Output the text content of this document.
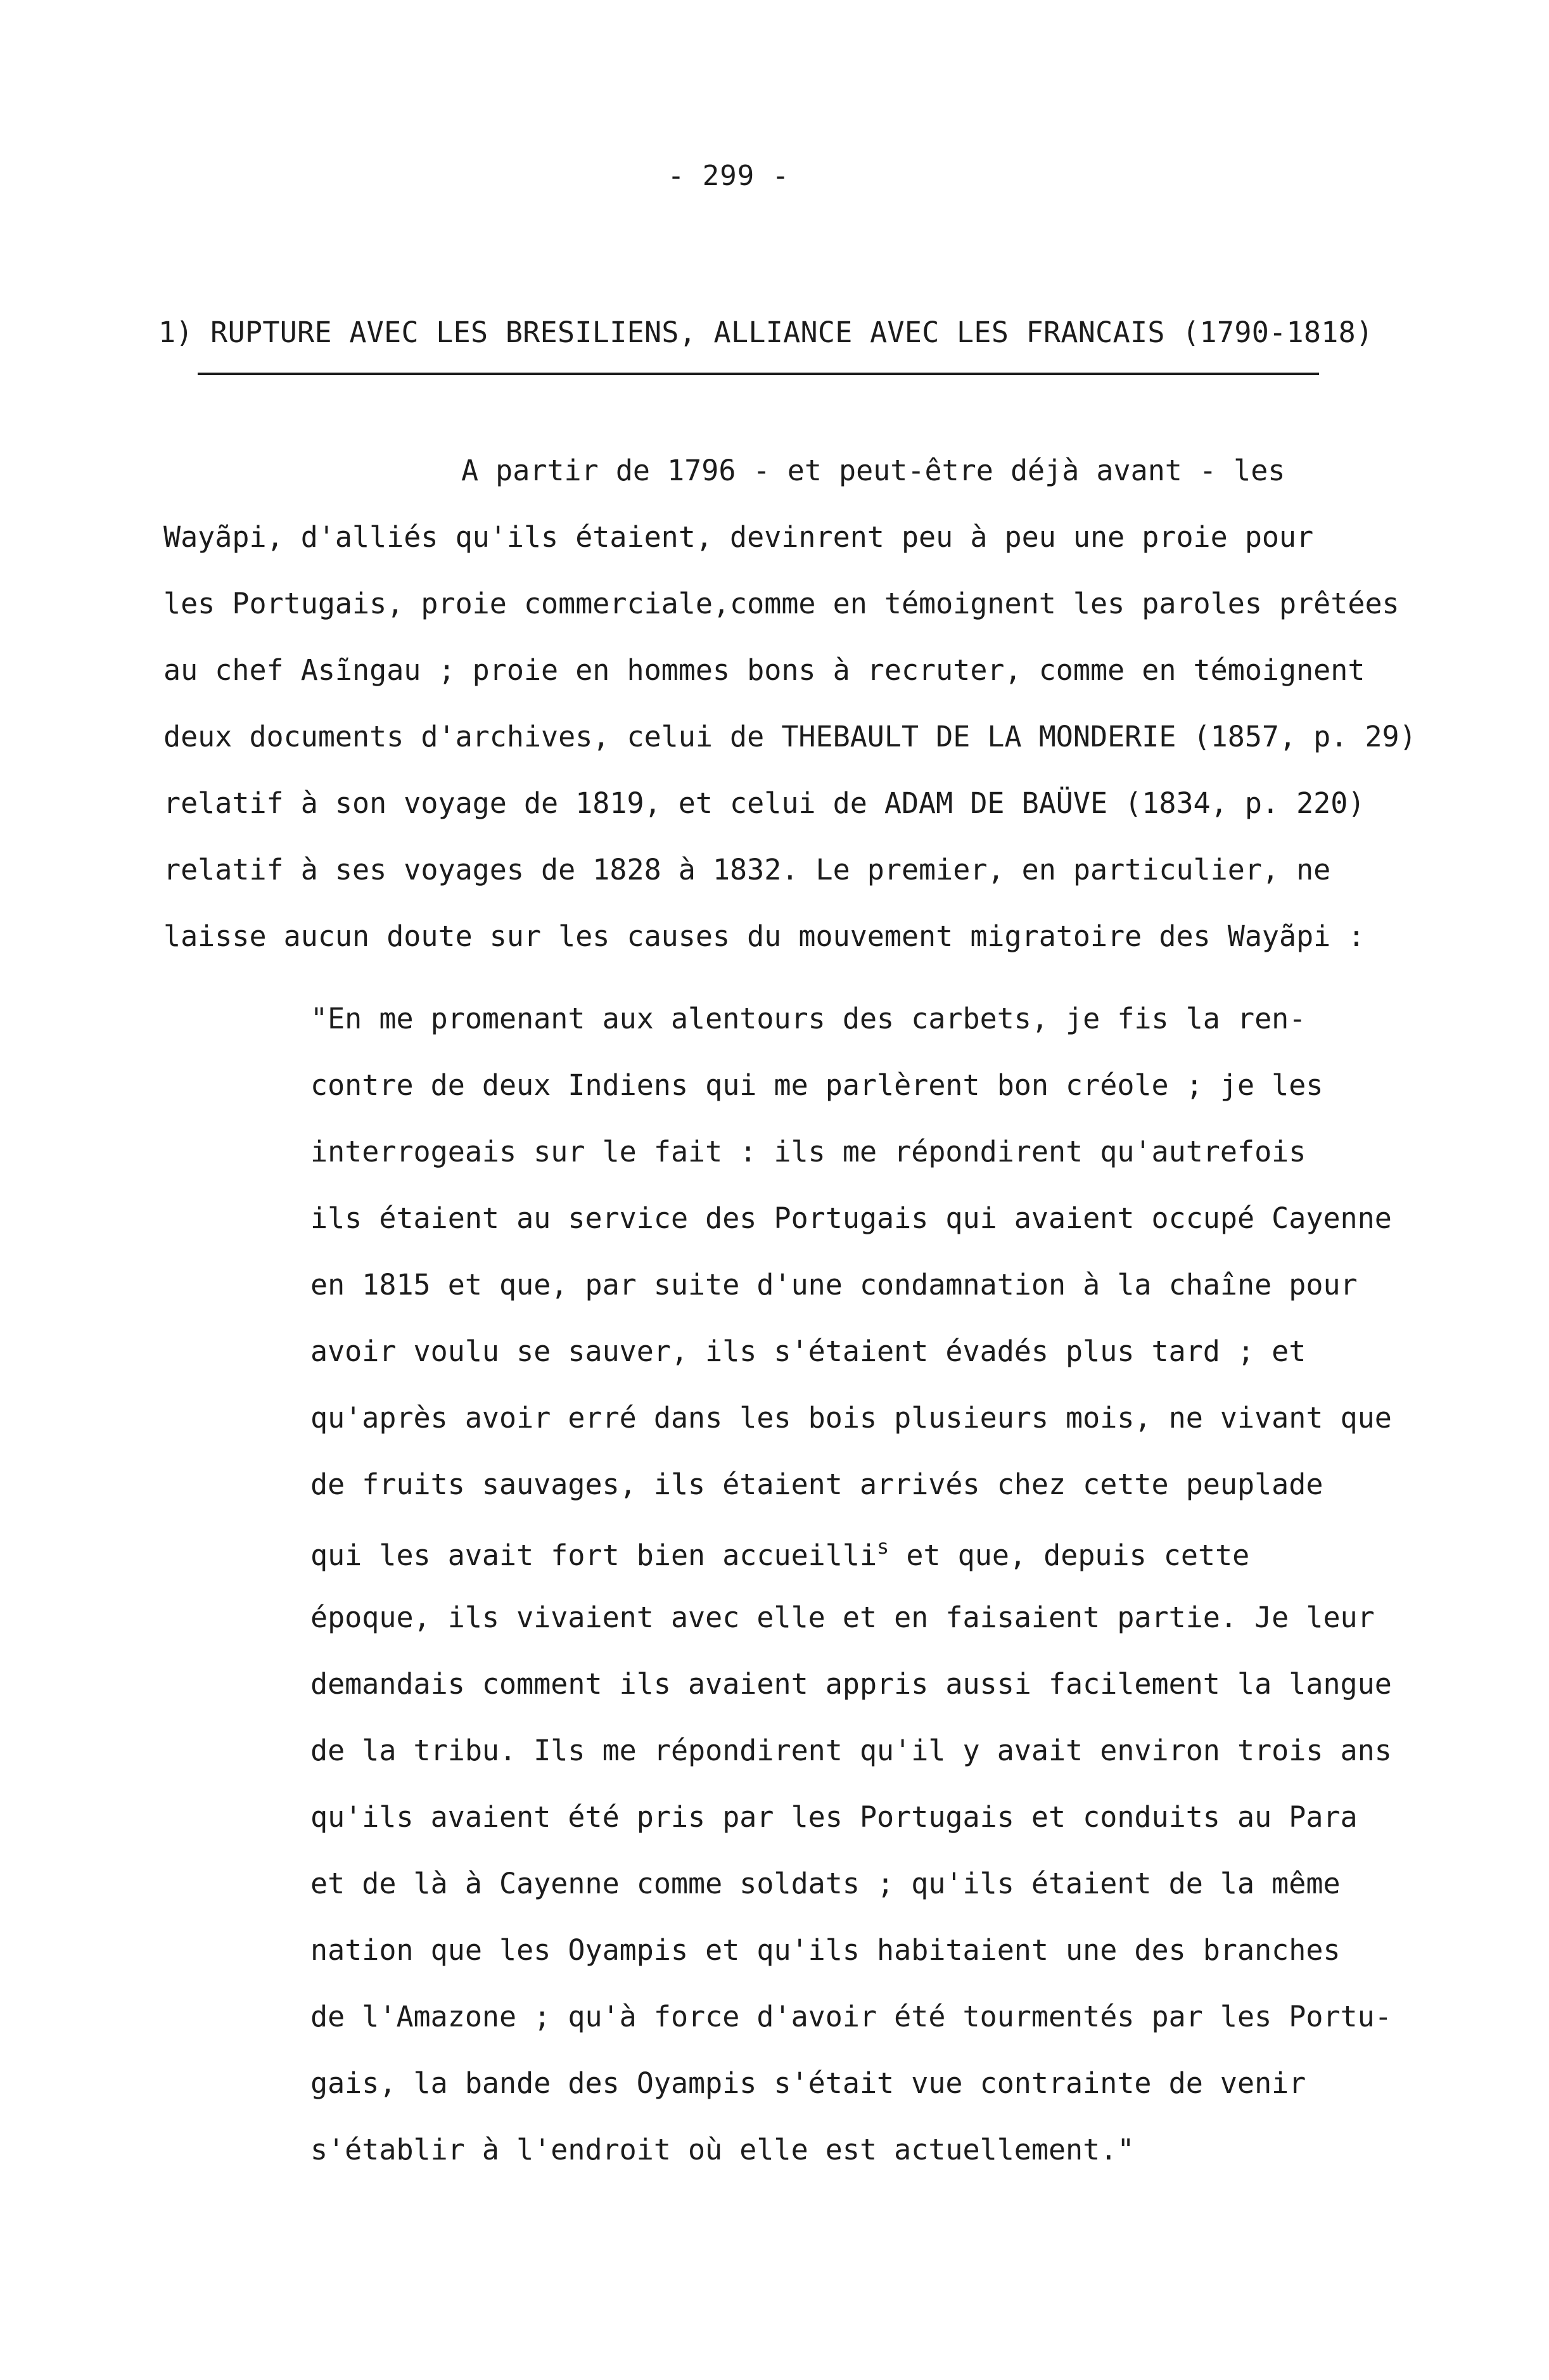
- 299 -
1) RUPTURE AVEC LES BRESILIENS, ALLIANCE AVEC LES FRANCAIS (1790-1818)
A partir de 1796 - et peut-être déjà avant - les
Wayãpi, d'alliés qu'ils étaient, devinrent peu à peu une proie pour
les Portugais, proie commerciale,comme en témoignent les paroles prêtées
au chef Asĩngau ; proie en hommes bons à recruter, comme en témoignent
deux documents d'archives, celui de THEBAULT DE LA MONDERIE (1857, p. 29)
relatif à son voyage de 1819, et celui de ADAM DE BAÜVE (1834, p. 220)
relatif à ses voyages de 1828 à 1832. Le premier, en particulier, ne
laisse aucun doute sur les causes du mouvement migratoire des Wayãpi :
"En me promenant aux alentours des carbets, je fis la ren-
contre de deux Indiens qui me parlèrent bon créole ; je les
interrogeais sur le fait : ils me répondirent qu'autrefois
ils étaient au service des Portugais qui avaient occupé Cayenne
en 1815 et que, par suite d'une condamnation à la chaîne pour
avoir voulu se sauver, ils s'étaient évadés plus tard ; et
qu'après avoir erré dans les bois plusieurs mois, ne vivant que
de fruits sauvages, ils étaient arrivés chez cette peuplade
qui les avait fort bien accueilli$^s$ et que, depuis cette
époque, ils vivaient avec elle et en faisaient partie. Je leur
demandais comment ils avaient appris aussi facilement la langue
de la tribu. Ils me répondirent qu'il y avait environ trois ans
qu'ils avaient été pris par les Portugais et conduits au Para
et de là à Cayenne comme soldats ; qu'ils étaient de la même
nation que les Oyampis et qu'ils habitaient une des branches
de l'Amazone ; qu'à force d'avoir été tourmentés par les Portu-
gais, la bande des Oyampis s'était vue contrainte de venir
s'établir à l'endroit où elle est actuellement."
